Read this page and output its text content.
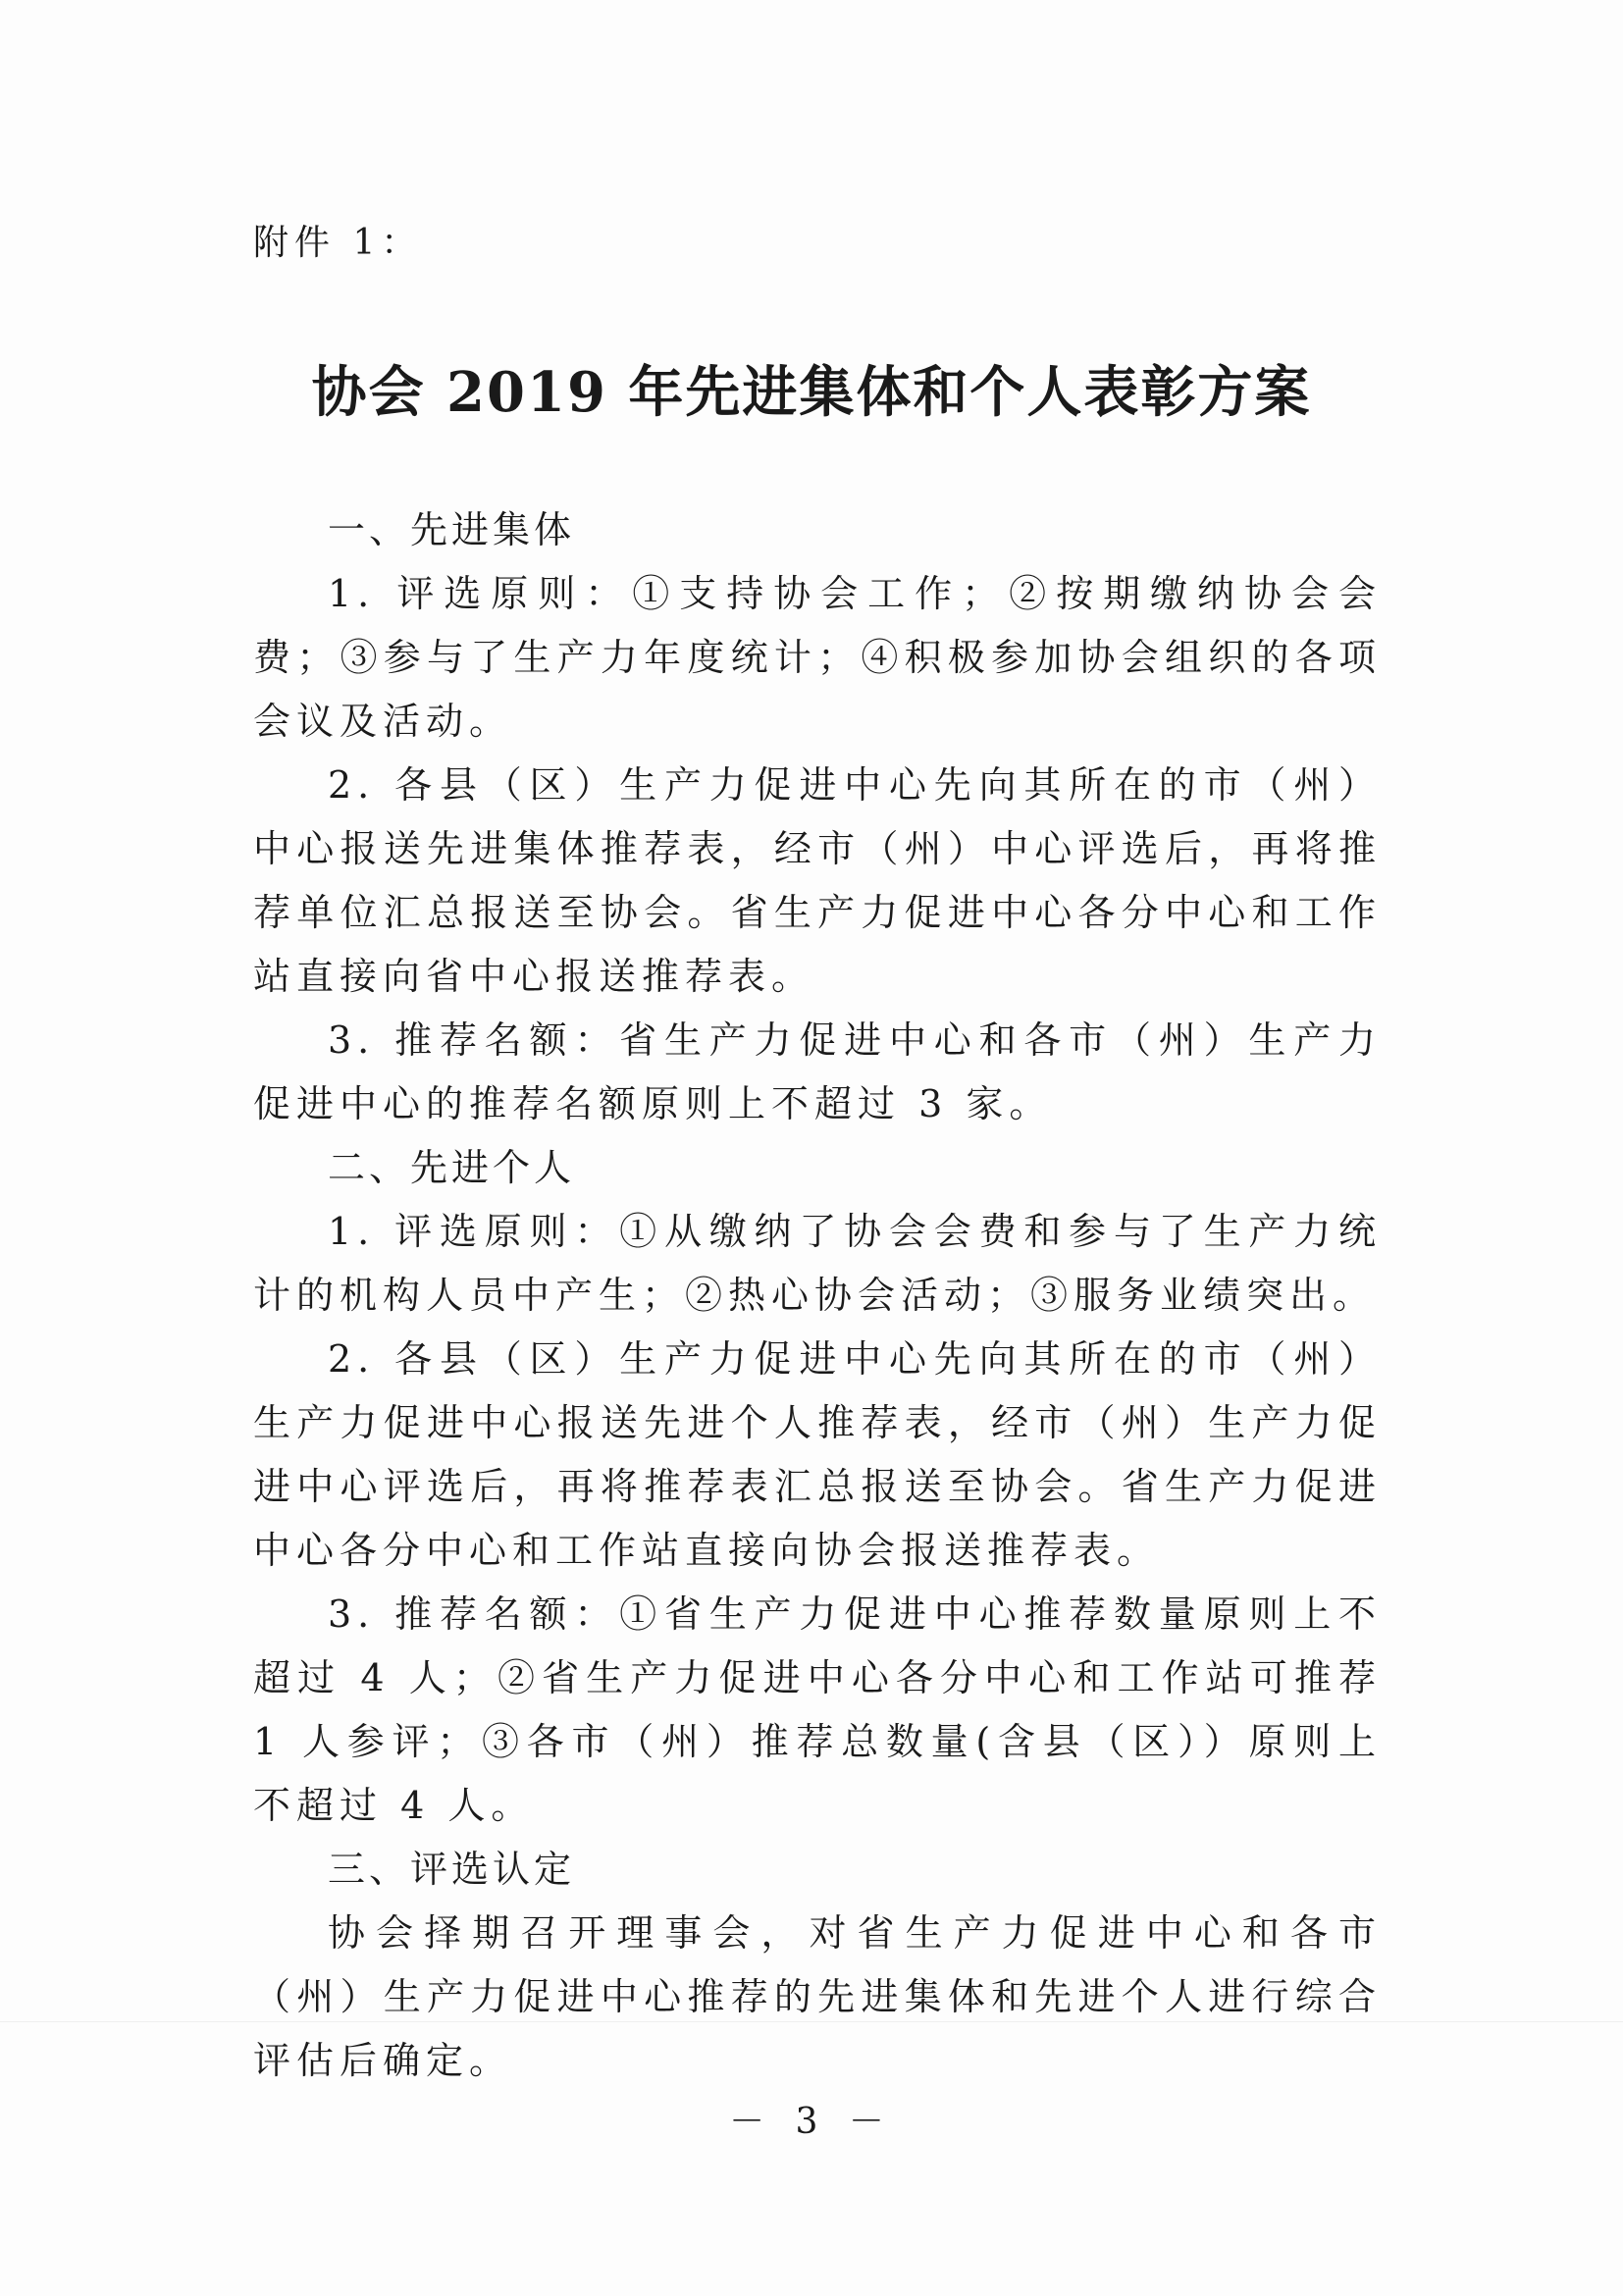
附件 1：
协会 2019 年先进集体和个人表彰方案

一、先进集体

1. 评选原则：①支持协会工作；②按期缴纳协会会费；③参与了生产力年度统计；④积极参加协会组织的各项会议及活动。

2. 各县（区）生产力促进中心先向其所在的市（州）中心报送先进集体推荐表，经市（州）中心评选后，再将推荐单位汇总报送至协会。省生产力促进中心各分中心和工作站直接向省中心报送推荐表。

3. 推荐名额：省生产力促进中心和各市（州）生产力促进中心的推荐名额原则上不超过 3 家。

二、先进个人

1. 评选原则：①从缴纳了协会会费和参与了生产力统计的机构人员中产生；②热心协会活动；③服务业绩突出。

2. 各县（区）生产力促进中心先向其所在的市（州）生产力促进中心报送先进个人推荐表，经市（州）生产力促进中心评选后，再将推荐表汇总报送至协会。省生产力促进中心各分中心和工作站直接向协会报送推荐表。

3. 推荐名额：①省生产力促进中心推荐数量原则上不超过 4 人；②省生产力促进中心各分中心和工作站可推荐 1 人参评；③各市（州）推荐总数量(含县（区））原则上不超过 4 人。

三、评选认定

协会择期召开理事会，对省生产力促进中心和各市（州）生产力促进中心推荐的先进集体和先进个人进行综合评估后确定。

－ 3 －
